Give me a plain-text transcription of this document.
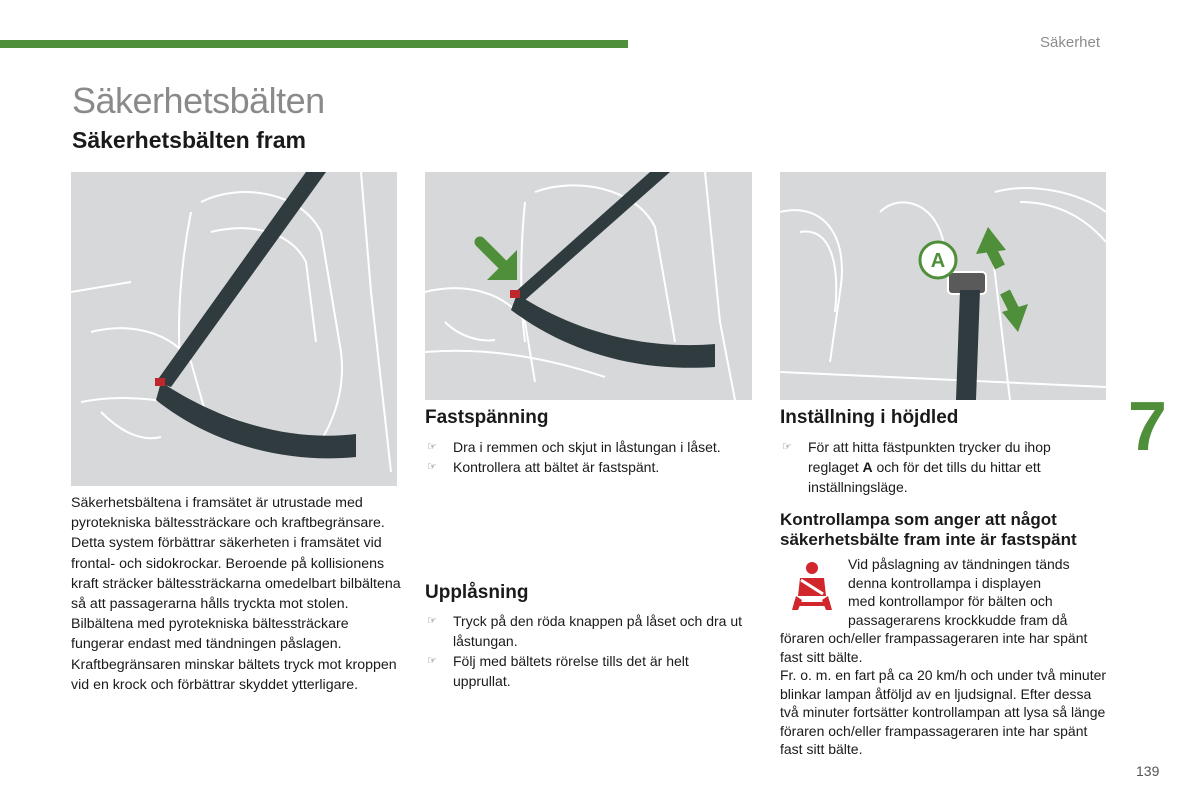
Säkerhet
Säkerhetsbälten
Säkerhetsbälten fram
7
139
A

Säkerhetsbältena i framsätet är utrustade med pyrotekniska bältessträckare och kraftbegränsare.

Detta system förbättrar säkerheten i framsätet vid frontal- och sidokrockar. Beroende på kollisionens kraft sträcker bältessträckarna omedelbart bilbältena så att passagerarna hålls tryckta mot stolen.

Bilbältena med pyrotekniska bältessträckare fungerar endast med tändningen påslagen.

Kraftbegränsaren minskar bältets tryck mot kroppen vid en krock och förbättrar skyddet ytterligare.

Fastspänning
☞ Dra i remmen och skjut in låstungan i låset.
☞ Kontrollera att bältet är fastspänt.
Upplåsning
☞ Tryck på den röda knappen på låset och dra ut låstungan.
☞ Följ med bältets rörelse tills det är helt upprullat.
Inställning i höjdled
☞ För att hitta fästpunkten trycker du ihop reglaget A och för det tills du hittar ett inställningsläge.
Kontrollampa som anger att något säkerhetsbälte fram inte är fastspänt

Vid påslagning av tändningen tänds

denna kontrollampa i displayen

med kontrollampor för bälten och

passagerarens krockkudde fram då

föraren och/eller frampassageraren inte har spänt fast sitt bälte.

Fr. o. m. en fart på ca 20 km/h och under två minuter blinkar lampan åtföljd av en ljudsignal. Efter dessa två minuter fortsätter kontrollampan att lysa så länge föraren och/eller frampassageraren inte har spänt fast sitt bälte.
